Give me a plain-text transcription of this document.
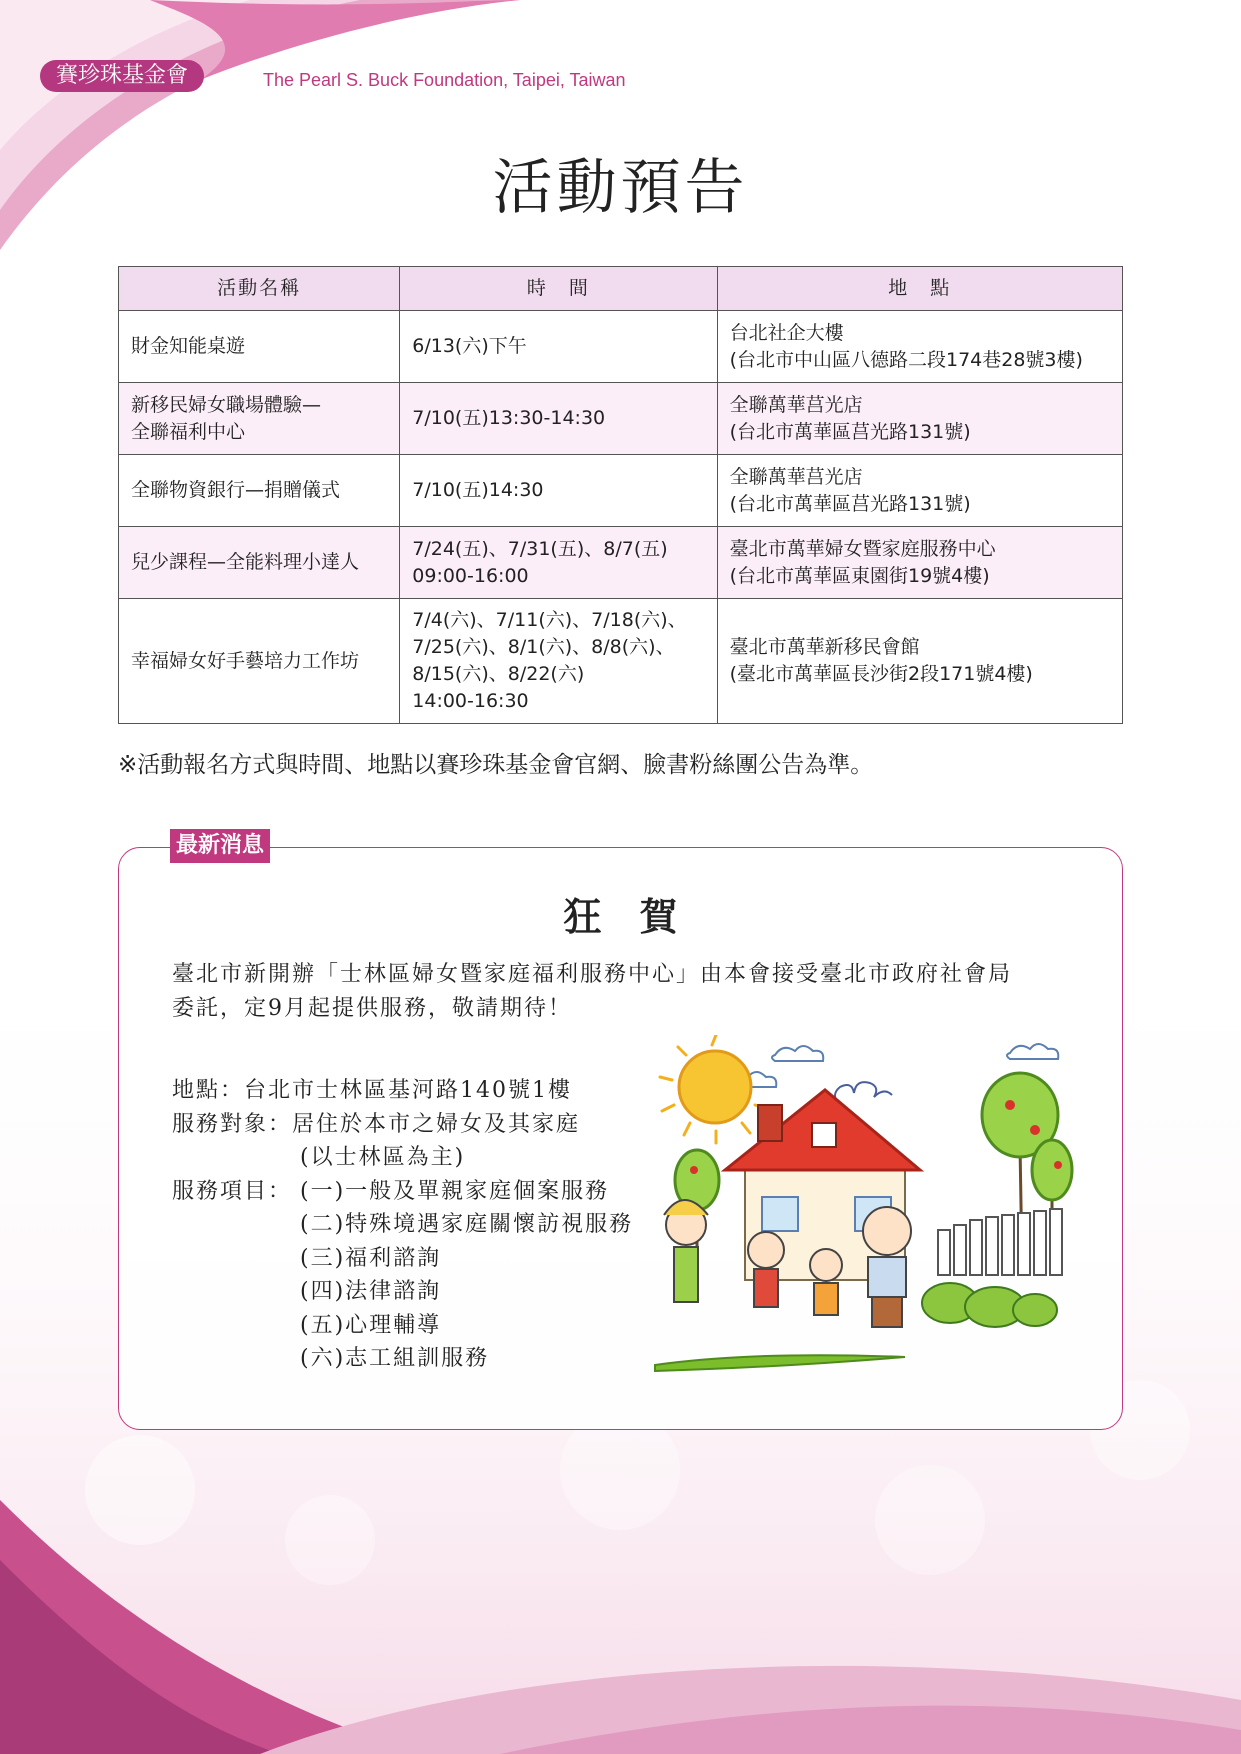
賽珍珠基金會	The Pearl S. Buck Foundation, Taipei, Taiwan
活動預告
活動名稱	時　間	地　點

財金知能桌遊	6/13(六)下午	台北社企大樓
(台北市中山區八德路二段174巷28號3樓)

新移民婦女職場體驗—
全聯福利中心	7/10(五)13:30-14:30	全聯萬華莒光店
(台北市萬華區莒光路131號)

全聯物資銀行—捐贈儀式	7/10(五)14:30	全聯萬華莒光店
(台北市萬華區莒光路131號)

兒少課程—全能料理小達人	7/24(五)、7/31(五)、8/7(五)
09:00-16:00	臺北市萬華婦女暨家庭服務中心
(台北市萬華區東園街19號4樓)

幸福婦女好手藝培力工作坊	7/4(六)、7/11(六)、7/18(六)、
7/25(六)、8/1(六)、8/8(六)、
8/15(六)、8/22(六)
14:00-16:30	臺北市萬華新移民會館
(臺北市萬華區長沙街2段171號4樓)
※活動報名方式與時間、地點以賽珍珠基金會官網、臉書粉絲團公告為準。
最新消息
狂　賀
臺北市新開辦「士林區婦女暨家庭福利服務中心」由本會接受臺北市政府社會局
委託，定9月起提供服務，敬請期待！
地點： 台北市士林區基河路140號1樓
服務對象： 居住於本市之婦女及其家庭
(以士林區為主)
服務項目： (一)一般及單親家庭個案服務
(二)特殊境遇家庭關懷訪視服務
(三)福利諮詢
(四)法律諮詢
(五)心理輔導
(六)志工組訓服務
